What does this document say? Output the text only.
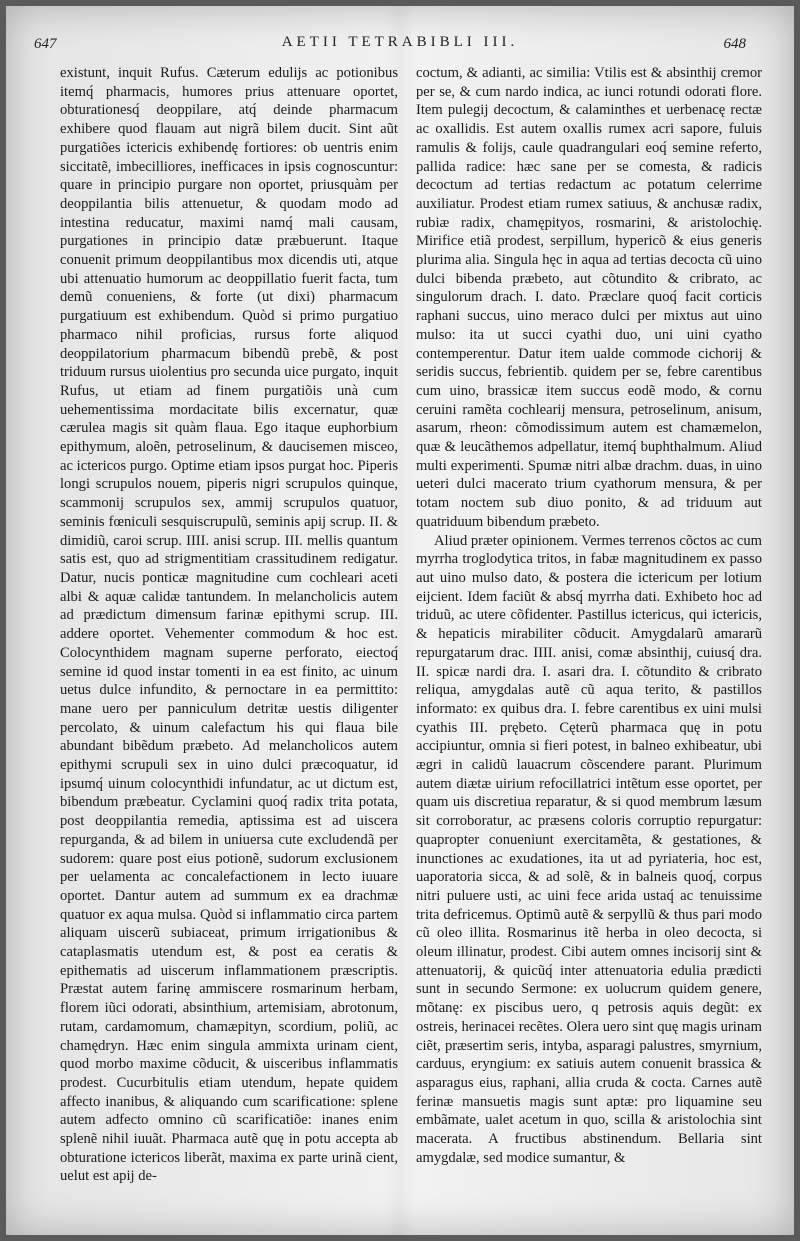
647	AETII TETRABIBLI III.	648

existunt, inquit Rufus. Cæterum edulijs ac potionibus itemq́ pharmacis, humores prius attenuare oportet, obturationesq́ deoppilare, atq́ deinde pharmacum exhibere quod flauam aut nigrã bilem ducit. Sint aũt purgatiões ictericis exhibendę fortiores: ob uentris enim siccitatẽ, imbecilliores, inefficaces in ipsis cognoscuntur: quare in principio purgare non oportet, priusquàm per deoppilantia bilis attenuetur, & quodam modo ad intestina reducatur, maximi namq́ mali causam, purgationes in principio datæ præbuerunt. Itaque conuenit primum deoppilantibus mox dicendis uti, atque ubi attenuatio humorum ac deoppillatio fuerit facta, tum demũ conueniens, & forte (ut dixi) pharmacum purgatiuum est exhibendum. Quòd si primo purgatiuo pharmaco nihil proficias, rursus forte aliquod deoppilatorium pharmacum bibendũ prebẽ, & post triduum rursus uiolentius pro secunda uice purgato, inquit Rufus, ut etiam ad finem purgatiõis unà cum uehementissima mordacitate bilis excernatur, quæ cærulea magis sit quàm flaua. Ego itaque euphorbium epithymum, aloẽn, petroselinum, & daucisemen misceo, ac ictericos purgo. Optime etiam ipsos purgat hoc. Piperis longi scrupulos nouem, piperis nigri scrupulos quinque, scammonij scrupulos sex, ammij scrupulos quatuor, seminis fœniculi sesquiscrupulũ, seminis apij scrup. II. & dimidiũ, caroi scrup. IIII. anisi scrup. III. mellis quantum satis est, quo ad strigmentitiam crassitudinem redigatur. Datur, nucis ponticæ magnitudine cum cochleari aceti albi & aquæ calidæ tantundem. In melancholicis autem ad prædictum dimensum farinæ epithymi scrup. III. addere oportet. Vehementer commodum & hoc est. Colocynthidem magnam superne perforato, eiectoq́ semine id quod instar tomenti in ea est finito, ac uinum uetus dulce infundito, & pernoctare in ea permittito: mane uero per panniculum detritæ uestis diligenter percolato, & uinum calefactum his qui flaua bile abundant bibẽdum præbeto. Ad melancholicos autem epithymi scrupuli sex in uino dulci præcoquatur, id ipsumq́ uinum colocynthidi infundatur, ac ut dictum est, bibendum præbeatur. Cyclamini quoq́ radix trita potata, post deoppilantia remedia, aptissima est ad uiscera repurganda, & ad bilem in uniuersa cute excludendã per sudorem: quare post eius potionẽ, sudorum exclusionem per uelamenta ac concalefactionem in lecto iuuare oportet. Dantur autem ad summum ex ea drachmæ quatuor ex aqua mulsa. Quòd si inflammatio circa partem aliquam uiscerũ subiaceat, primum irrigationibus & cataplasmatis utendum est, & post ea ceratis & epithematis ad uiscerum inflammationem præscriptis. Præstat autem farinę ammiscere rosmarinum herbam, florem iũci odorati, absinthium, artemisiam, abrotonum, rutam, cardamomum, chamæpityn, scordium, poliũ, ac chamędryn. Hæc enim singula ammixta urinam cient, quod morbo maxime cõducit, & uisceribus inflammatis prodest. Cucurbitulis etiam utendum, hepate quidem affecto inanibus, & aliquando cum scarificatione: splene autem adfecto omnino cũ scarificatiõe: inanes enim splenẽ nihil iuuãt. Pharmaca autẽ quę in potu accepta ab obturatione ictericos liberãt, maxima ex parte urinã cient, uelut est apij de-

coctum, & adianti, ac similia: Vtilis est & absinthij cremor per se, & cum nardo indica, ac iunci rotundi odorati flore. Item pulegij decoctum, & calaminthes et uerbenacę rectæ ac oxallidis. Est autem oxallis rumex acri sapore, fuluis ramulis & folijs, caule quadrangulari eoq́ semine referto, pallida radice: hæc sane per se comesta, & radicis decoctum ad tertias redactum ac potatum celerrime auxiliatur. Prodest etiam rumex satiuus, & anchusæ radix, rubiæ radix, chamępityos, rosmarini, & aristolochię. Mirifice etiã prodest, serpillum, hypericõ & eius generis plurima alia. Singula hęc in aqua ad tertias decocta cũ uino dulci bibenda præbeto, aut cõtundito & cribrato, ac singulorum drach. I. dato. Præclare quoq́ facit corticis raphani succus, uino meraco dulci per mixtus aut uino mulso: ita ut succi cyathi duo, uni uini cyatho contemperentur. Datur item ualde commode cichorij & seridis succus, febrientib. quidem per se, febre carentibus cum uino, brassicæ item succus eodẽ modo, & cornu ceruini ramẽta cochlearij mensura, petroselinum, anisum, asarum, rheon: cõmodissimum autem est chamæmelon, quæ & leucãthemos adpellatur, itemq́ buphthalmum. Aliud multi experimenti. Spumæ nitri albæ drachm. duas, in uino ueteri dulci macerato trium cyathorum mensura, & per totam noctem sub diuo ponito, & ad triduum aut quatriduum bibendum præbeto.

Aliud præter opinionem. Vermes terrenos cõctos ac cum myrrha troglodytica tritos, in fabæ magnitudinem ex passo aut uino mulso dato, & postera die ictericum per lotium eijcient. Idem faciũt & absq́ myrrha dati. Exhibeto hoc ad triduũ, ac utere cõfidenter. Pastillus ictericus, qui ictericis, & hepaticis mirabiliter cõducit. Amygdalarũ amararũ repurgatarum drac. IIII. anisi, comæ absinthij, cuiusq́ dra. II. spicæ nardi dra. I. asari dra. I. cõtundito & cribrato reliqua, amygdalas autẽ cũ aqua terito, & pastillos informato: ex quibus dra. I. febre carentibus ex uini mulsi cyathis III. prębeto. Cęterũ pharmaca quę in potu accipiuntur, omnia si fieri potest, in balneo exhibeatur, ubi ægri in calidũ lauacrum cõscendere parant. Plurimum autem diætæ uirium refocillatrici intẽtum esse oportet, per quam uis discretiua reparatur, & si quod membrum læsum sit corroboratur, ac præsens coloris corruptio repurgatur: quapropter conueniunt exercitamẽta, & gestationes, & inunctiones ac exudationes, ita ut ad pyriateria, hoc est, uaporatoria sicca, & ad solẽ, & in balneis quoq́, corpus nitri puluere usti, ac uini fece arida ustaq́ ac tenuissime trita defricemus. Optimũ autẽ & serpyllũ & thus pari modo cũ oleo illita. Rosmarinus itẽ herba in oleo decocta, si oleum illinatur, prodest. Cibi autem omnes incisorij sint & attenuatorij, & quicũq́ inter attenuatoria edulia prædicti sunt in secundo Sermone: ex uolucrum quidem genere, mõtanę: ex piscibus uero, q petrosis aquis degũt: ex ostreis, herinacei recẽtes. Olera uero sint quę magis urinam ciẽt, præsertim seris, intyba, asparagi palustres, smyrnium, carduus, eryngium: ex satiuis autem conuenit brassica & asparagus eius, raphani, allia cruda & cocta. Carnes autẽ ferinæ mansuetis magis sunt aptæ: pro liquamine seu embãmate, ualet acetum in quo, scilla & aristolochia sint macerata. A fructibus abstinendum. Bellaria sint amygdalæ, sed modice sumantur, &
